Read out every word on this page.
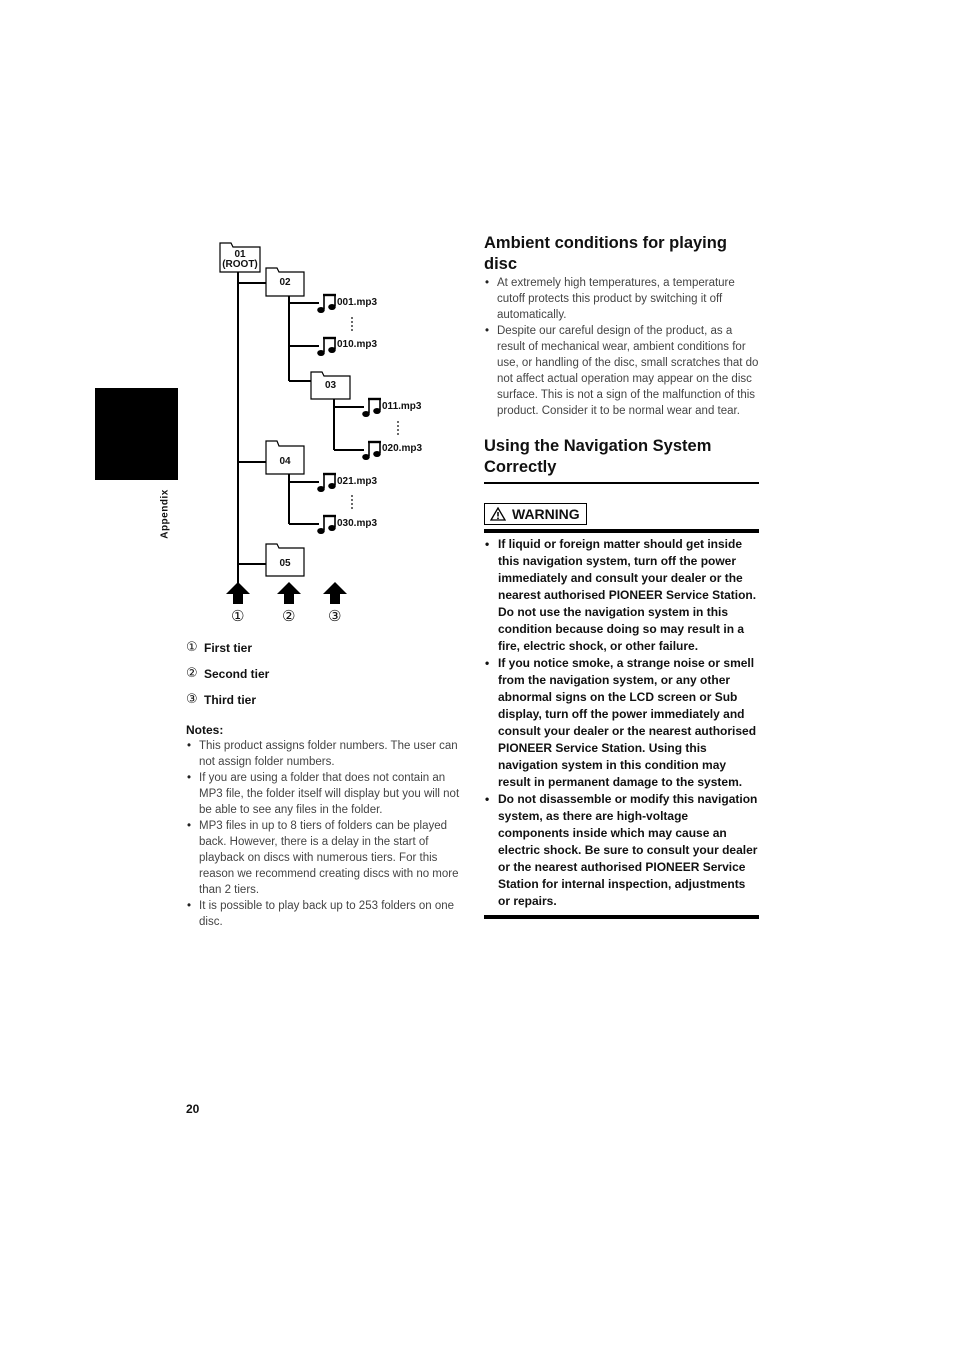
Appendix
01
(ROOT)
02
03
04
05
001.mp3
010.mp3
011.mp3
020.mp3
021.mp3
030.mp3
①	② ③
① First tier
② Second tier
③ Third tier
Notes:
• This product assigns folder numbers. The user can not assign folder numbers.
• If you are using a folder that does not contain an MP3 file, the folder itself will display but you will not be able to see any files in the folder.
• MP3 files in up to 8 tiers of folders can be played back. However, there is a delay in the start of playback on discs with numerous tiers. For this reason we recommend creating discs with no more than 2 tiers.
• It is possible to play back up to 253 folders on one disc.
Ambient conditions for playing disc
• At extremely high temperatures, a temperature cutoff protects this product by switching it off automatically.
• Despite our careful design of the product, as a result of mechanical wear, ambient conditions for use, or handling of the disc, small scratches that do not affect actual operation may appear on the disc surface. This is not a sign of the malfunction of this product. Consider it to be normal wear and tear.
Using the Navigation System Correctly
WARNING
• If liquid or foreign matter should get inside this navigation system, turn off the power immediately and consult your dealer or the nearest authorised PIONEER Service Station. Do not use the navigation system in this condition because doing so may result in a fire, electric shock, or other failure.
• If you notice smoke, a strange noise or smell from the navigation system, or any other abnormal signs on the LCD screen or Sub display, turn off the power immediately and consult your dealer or the nearest authorised PIONEER Service Station. Using this navigation system in this condition may result in permanent damage to the system.
• Do not disassemble or modify this navigation system, as there are high-voltage components inside which may cause an electric shock. Be sure to consult your dealer or the nearest authorised PIONEER Service Station for internal inspection, adjustments or repairs.
20
